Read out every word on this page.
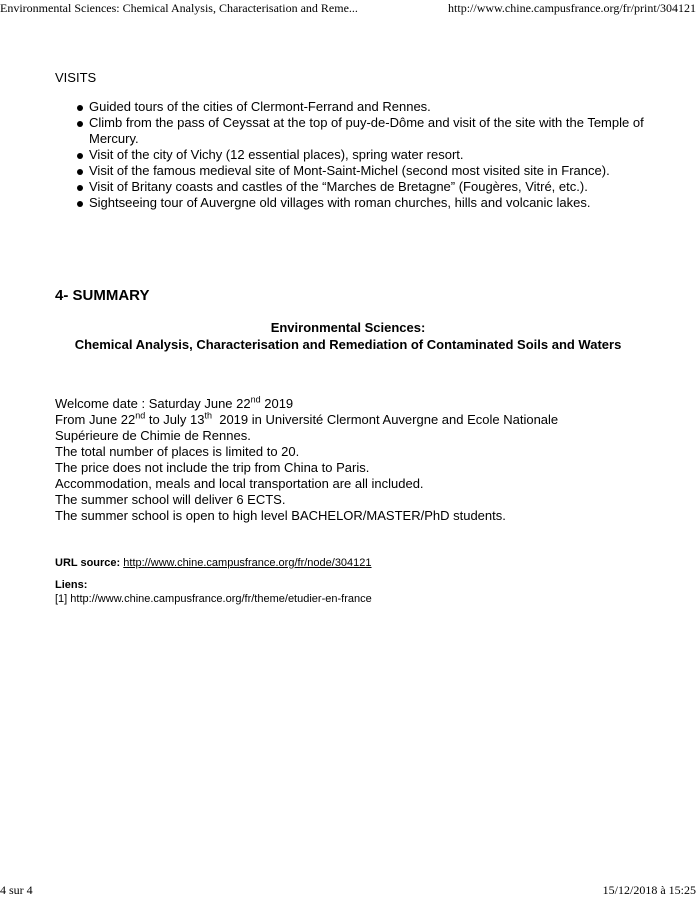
Environmental Sciences: Chemical Analysis, Characterisation and Reme...	http://www.chine.campusfrance.org/fr/print/304121
VISITS
Guided tours of the cities of Clermont-Ferrand and Rennes.
Climb from the pass of Ceyssat at the top of puy-de-Dôme and visit of the site with the Temple of Mercury.
Visit of the city of Vichy (12 essential places), spring water resort.
Visit of the famous medieval site of Mont-Saint-Michel (second most visited site in France).
Visit of Britany coasts and castles of the “Marches de Bretagne” (Fougères, Vitré, etc.).
Sightseeing tour of Auvergne old villages with roman churches, hills and volcanic lakes.
4- SUMMARY
Environmental Sciences:
Chemical Analysis, Characterisation and Remediation of Contaminated Soils and Waters
Welcome date : Saturday June 22nd 2019
From June 22nd to July 13th  2019 in Université Clermont Auvergne and Ecole Nationale
Supérieure de Chimie de Rennes.
The total number of places is limited to 20.
The price does not include the trip from China to Paris.
Accommodation, meals and local transportation are all included.
The summer school will deliver 6 ECTS.
The summer school is open to high level BACHELOR/MASTER/PhD students.
URL source: http://www.chine.campusfrance.org/fr/node/304121
Liens:
[1] http://www.chine.campusfrance.org/fr/theme/etudier-en-france
4 sur 4	15/12/2018 à 15:25
